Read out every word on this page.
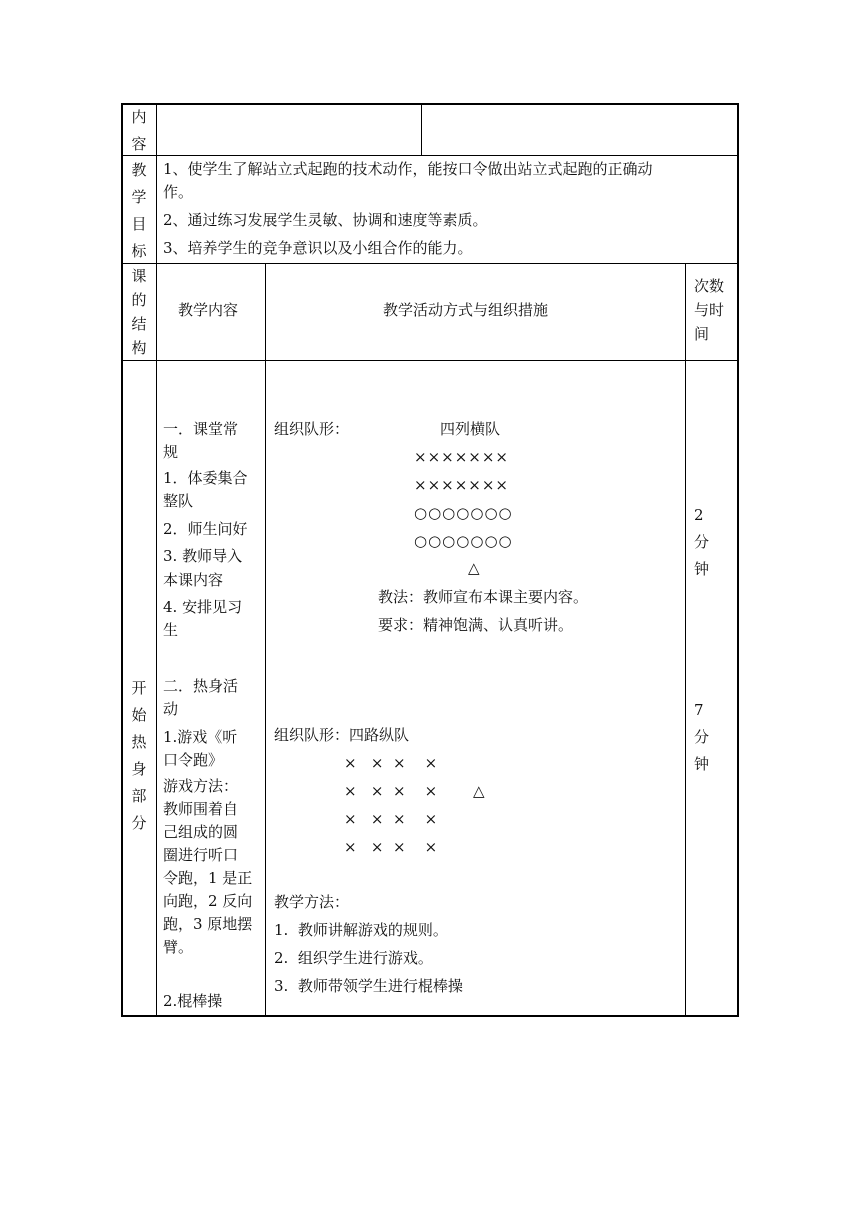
内
容
教
学
目
标
1、使学生了解站立式起跑的技术动作，能按口令做出站立式起跑的正确动
作。
2、通过练习发展学生灵敏、协调和速度等素质。
3、培养学生的竞争意识以及小组合作的能力。
课
的
结
构
教学内容	教学活动方式与组织措施
次数
与时
间
开
始
热
身
部
分
一．课堂常
规
1．体委集合
整队
2．师生问好
3. 教师导入
本课内容
4. 安排见习
生
二．热身活
动
1.游戏《听
口令跑》
游戏方法：
教师围着自
己组成的圆
圈进行听口
令跑，1 是正
向跑，2 反向
跑，3 原地摆
臂。
2.棍棒操
组织队形：	四列横队
×××××××
×××××××
○○○○○○○
○○○○○○○
△
教法：教师宣布本课主要内容。
要求：精神饱满、认真听讲。
组织队形：四路纵队
×   ×  ×    ×
×   ×  ×    × △
×   ×  ×    ×
×   ×  ×    ×
教学方法：
1.  教师讲解游戏的规则。
2.  组织学生进行游戏。
3.  教师带领学生进行棍棒操
2
分
钟
7
分
钟
